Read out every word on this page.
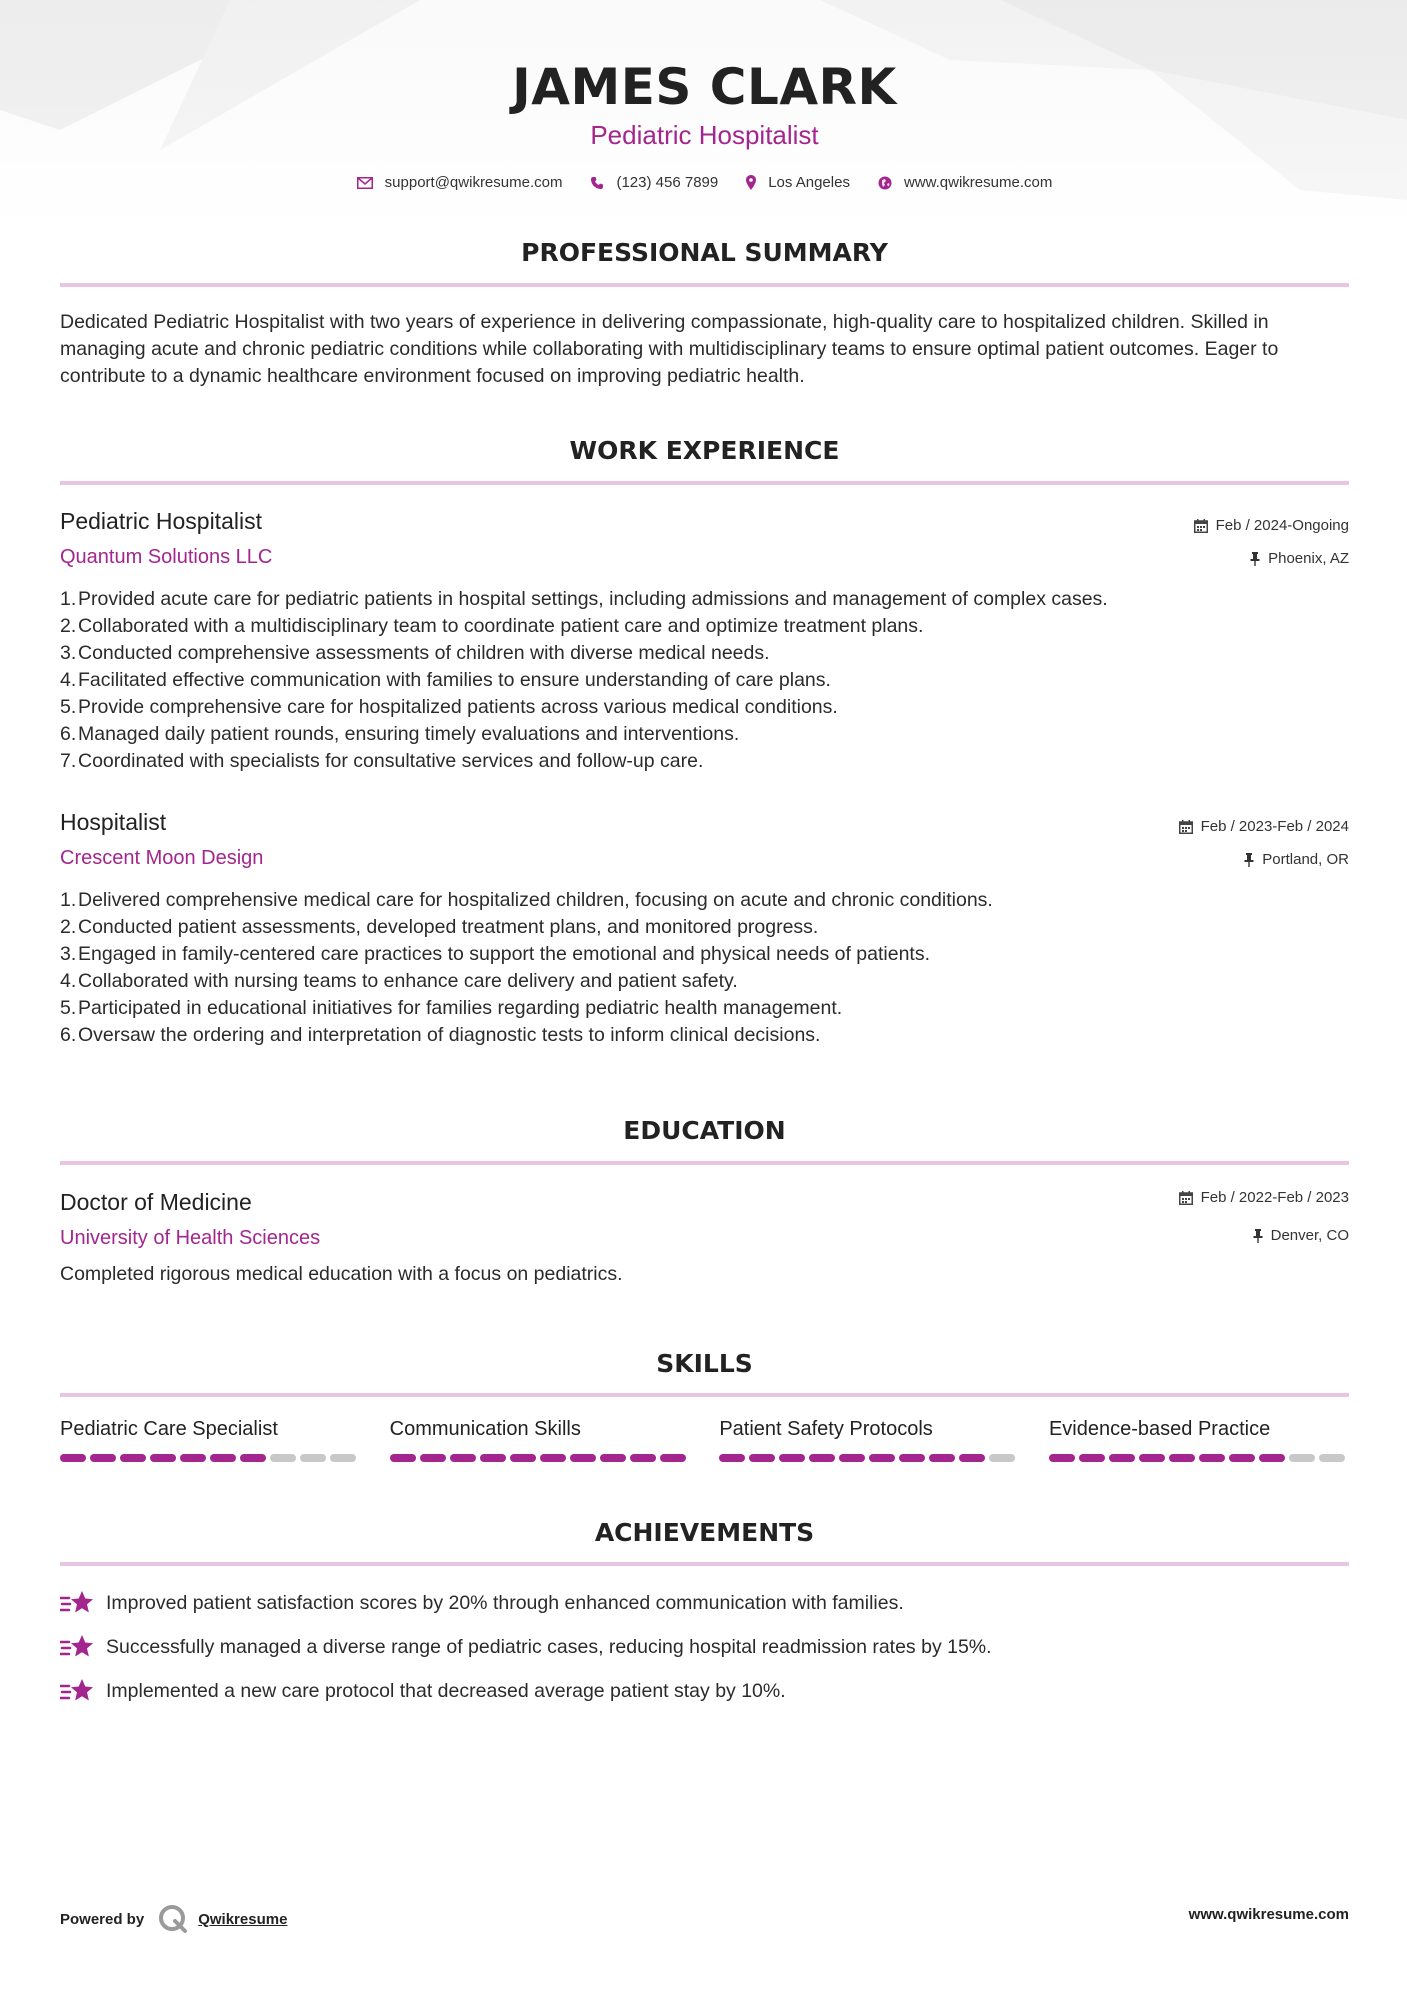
JAMES CLARK
Pediatric Hospitalist
support@qwikresume.com	(123) 456 7899	Los Angeles	www.qwikresume.com
PROFESSIONAL SUMMARY
Dedicated Pediatric Hospitalist with two years of experience in delivering compassionate, high-quality care to hospitalized children. Skilled in managing acute and chronic pediatric conditions while collaborating with multidisciplinary teams to ensure optimal patient outcomes. Eager to contribute to a dynamic healthcare environment focused on improving pediatric health.
WORK EXPERIENCE
Pediatric Hospitalist
Quantum Solutions LLC
Feb / 2024-Ongoing
Phoenix, AZ
1.Provided acute care for pediatric patients in hospital settings, including admissions and management of complex cases.
2.Collaborated with a multidisciplinary team to coordinate patient care and optimize treatment plans.
3.Conducted comprehensive assessments of children with diverse medical needs.
4.Facilitated effective communication with families to ensure understanding of care plans.
5.Provide comprehensive care for hospitalized patients across various medical conditions.
6.Managed daily patient rounds, ensuring timely evaluations and interventions.
7.Coordinated with specialists for consultative services and follow-up care.
Hospitalist
Crescent Moon Design
Feb / 2023-Feb / 2024
Portland, OR
1.Delivered comprehensive medical care for hospitalized children, focusing on acute and chronic conditions.
2.Conducted patient assessments, developed treatment plans, and monitored progress.
3.Engaged in family-centered care practices to support the emotional and physical needs of patients.
4.Collaborated with nursing teams to enhance care delivery and patient safety.
5.Participated in educational initiatives for families regarding pediatric health management.
6.Oversaw the ordering and interpretation of diagnostic tests to inform clinical decisions.
EDUCATION
Doctor of Medicine
University of Health Sciences
Feb / 2022-Feb / 2023
Denver, CO
Completed rigorous medical education with a focus on pediatrics.
SKILLS
Pediatric Care Specialist	Communication Skills	Patient Safety Protocols	Evidence-based Practice
ACHIEVEMENTS
Improved patient satisfaction scores by 20% through enhanced communication with families.
Successfully managed a diverse range of pediatric cases, reducing hospital readmission rates by 15%.
Implemented a new care protocol that decreased average patient stay by 10%.
Powered by	Qwikresume	www.qwikresume.com
